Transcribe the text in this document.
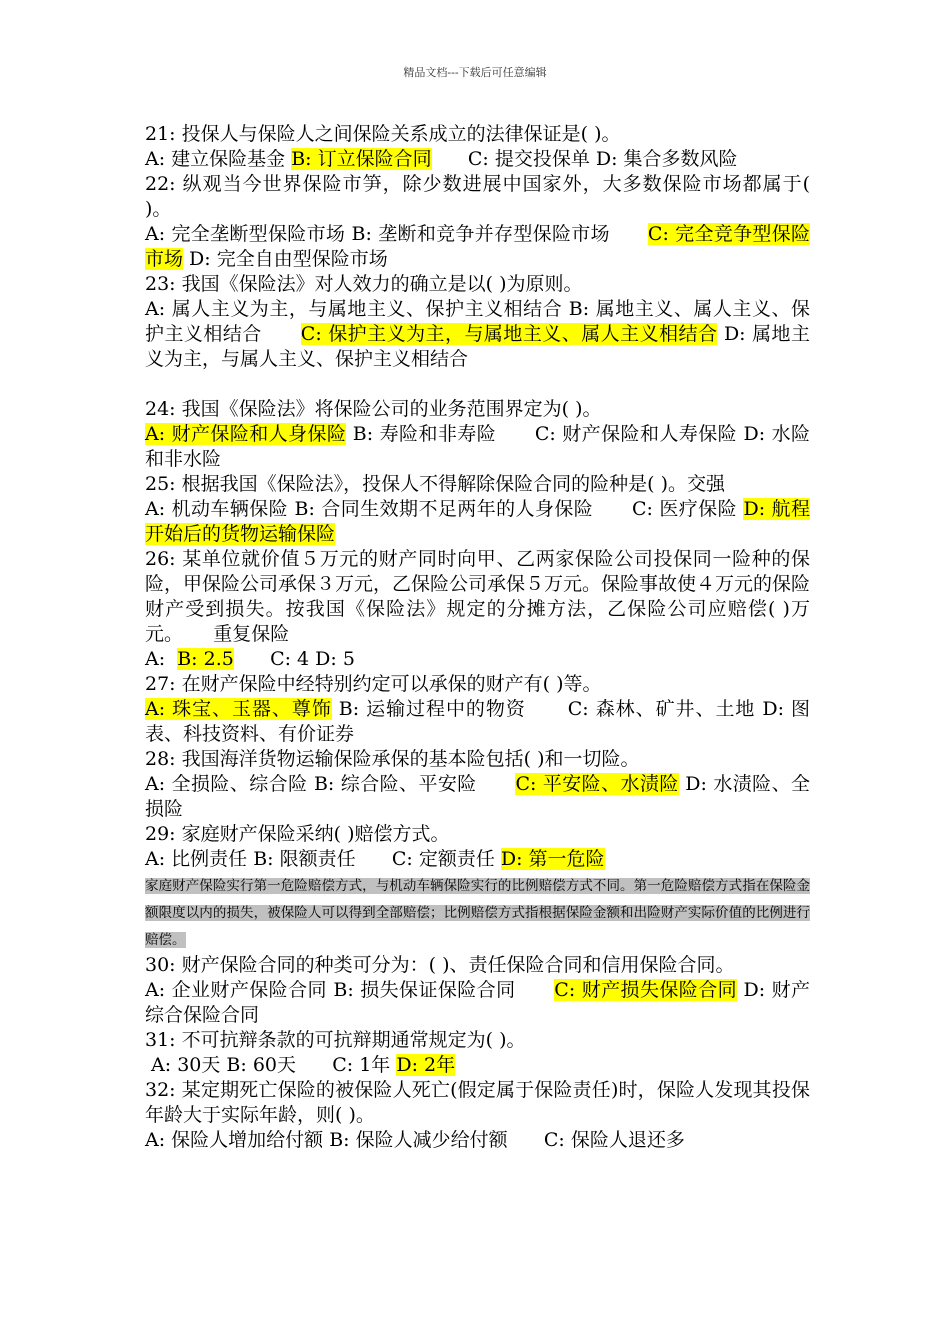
精品文档---下载后可任意编辑
21: 投保人与保险人之间保险关系成立的法律保证是( )。
A: 建立保险基金 B: 订立保险合同      C: 提交投保单 D: 集合多数风险
22: 纵观当今世界保险市笋，除少数进展中国家外，大多数保险市场都属于( )。
A: 完全垄断型保险市场 B: 垄断和竞争并存型保险市场      C: 完全竞争型保险市场 D: 完全自由型保险市场
23: 我国《保险法》对人效力的确立是以( )为原则。
A: 属人主义为主，与属地主义、保护主义相结合 B: 属地主义、属人主义、保护主义相结合      C: 保护主义为主，与属地主义、属人主义相结合 D: 属地主义为主，与属人主义、保护主义相结合
24: 我国《保险法》将保险公司的业务范围界定为( )。
A: 财产保险和人身保险 B: 寿险和非寿险      C: 财产保险和人寿保险 D: 水险和非水险
25: 根据我国《保险法》，投保人不得解除保险合同的险种是( )。交强
A: 机动车辆保险 B: 合同生效期不足两年的人身保险      C: 医疗保险 D: 航程开始后的货物运输保险
26: 某单位就价值５万元的财产同时向甲、乙两家保险公司投保同一险种的保险，甲保险公司承保３万元，乙保险公司承保５万元。保险事故使４万元的保险财产受到损失。按我国《保险法》规定的分摊方法，乙保险公司应赔偿( )万元。     重复保险
A:  B: 2.5      C: 4 D: 5
27: 在财产保险中经特别约定可以承保的财产有( )等。
A: 珠宝、玉器、尊饰 B: 运输过程中的物资      C: 森林、矿井、土地 D: 图表、科技资料、有价证券
28: 我国海洋货物运输保险承保的基本险包括( )和一切险。
A: 全损险、综合险 B: 综合险、平安险      C: 平安险、水渍险 D: 水渍险、全损险
29: 家庭财产保险采纳( )赔偿方式。
A: 比例责任 B: 限额责任      C: 定额责任 D: 第一危险
家庭财产保险实行第一危险赔偿方式，与机动车辆保险实行的比例赔偿方式不同。第一危险赔偿方式指在保险金额限度以内的损失，被保险人可以得到全部赔偿；比例赔偿方式指根据保险金额和出险财产实际价值的比例进行赔偿。
30: 财产保险合同的种类可分为：( )、责任保险合同和信用保险合同。
A: 企业财产保险合同 B: 损失保证保险合同      C: 财产损失保险合同 D: 财产综合保险合同
31: 不可抗辩条款的可抗辩期通常规定为( )。
A: 30天 B: 60天      C: 1年 D: 2年
32: 某定期死亡保险的被保险人死亡(假定属于保险责任)时，保险人发现其投保年龄大于实际年龄，则( )。
A: 保险人增加给付额 B: 保险人减少给付额      C: 保险人退还多
